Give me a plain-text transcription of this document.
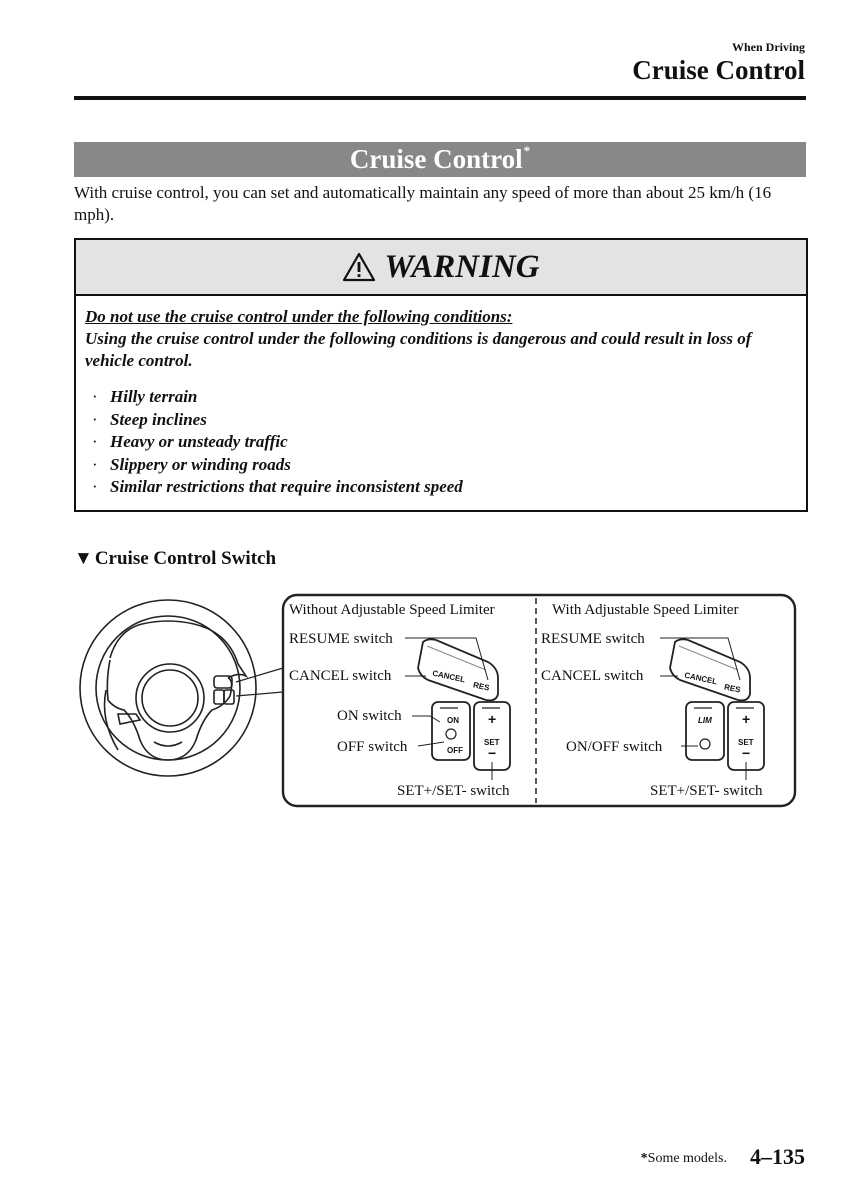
When Driving
Cruise Control
Cruise Control*
With cruise control, you can set and automatically maintain any speed of more than about 25 km/h (16 mph).
WARNING
Do not use the cruise control under the following conditions:
Using the cruise control under the following conditions is dangerous and could result in loss of vehicle control.
· Hilly terrain
· Steep inclines
· Heavy or unsteady traffic
· Slippery or winding roads
· Similar restrictions that require inconsistent speed
▼ Cruise Control Switch
CANCEL
RES
ON
OFF
+
SET
−
CANCEL
RES
LIM +
SET
−
Without Adjustable Speed Limiter
RESUME switch
CANCEL switch
ON switch
OFF switch
SET+/SET- switch
With Adjustable Speed Limiter
RESUME switch
CANCEL switch
ON/OFF switch
SET+/SET- switch
*Some models. 4–135
